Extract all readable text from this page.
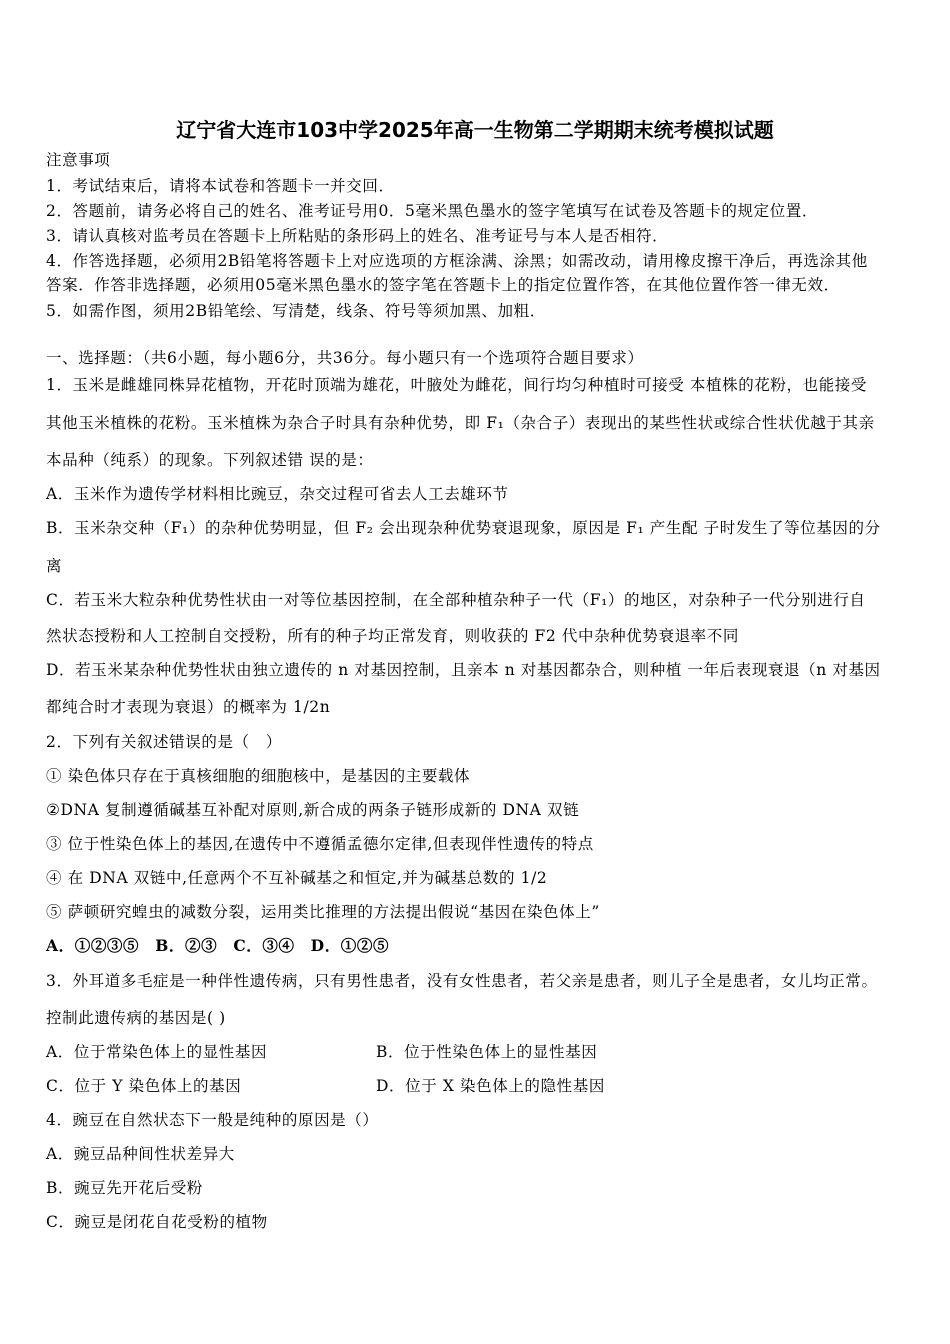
辽宁省大连市103中学2025年高一生物第二学期期末统考模拟试题
注意事项
1．考试结束后，请将本试卷和答题卡一并交回．
2．答题前，请务必将自己的姓名、准考证号用0．5毫米黑色墨水的签字笔填写在试卷及答题卡的规定位置．
3．请认真核对监考员在答题卡上所粘贴的条形码上的姓名、准考证号与本人是否相符．
4．作答选择题，必须用2B铅笔将答题卡上对应选项的方框涂满、涂黑；如需改动，请用橡皮擦干净后，再选涂其他
答案．作答非选择题，必须用05毫米黑色墨水的签字笔在答题卡上的指定位置作答，在其他位置作答一律无效．
5．如需作图，须用2B铅笔绘、写清楚，线条、符号等须加黑、加粗．
一、选择题：（共6小题，每小题6分，共36分。每小题只有一个选项符合题目要求）
1．玉米是雌雄同株异花植物，开花时顶端为雄花，叶腋处为雌花，间行均匀种植时可接受 本植株的花粉，也能接受
其他玉米植株的花粉。玉米植株为杂合子时具有杂种优势，即 F₁（杂合子）表现出的某些性状或综合性状优越于其亲
本品种（纯系）的现象。下列叙述错 误的是：
A．玉米作为遗传学材料相比豌豆，杂交过程可省去人工去雄环节
B．玉米杂交种（F₁）的杂种优势明显，但 F₂ 会出现杂种优势衰退现象，原因是 F₁ 产生配 子时发生了等位基因的分
离
C．若玉米大粒杂种优势性状由一对等位基因控制，在全部种植杂种子一代（F₁）的地区，对杂种子一代分别进行自
然状态授粉和人工控制自交授粉，所有的种子均正常发育，则收获的 F2 代中杂种优势衰退率不同
D．若玉米某杂种优势性状由独立遗传的 n 对基因控制，且亲本 n 对基因都杂合，则种植 一年后表现衰退（n 对基因
都纯合时才表现为衰退）的概率为 1/2n
2．下列有关叙述错误的是（　）
① 染色体只存在于真核细胞的细胞核中，是基因的主要载体
②DNA 复制遵循碱基互补配对原则,新合成的两条子链形成新的 DNA 双链
③ 位于性染色体上的基因,在遗传中不遵循孟德尔定律,但表现伴性遗传的特点
④ 在 DNA 双链中,任意两个不互补碱基之和恒定,并为碱基总数的 1/2
⑤ 萨顿研究蝗虫的减数分裂，运用类比推理的方法提出假说“基因在染色体上”
A．①②③⑤　B．②③　C．③④　D．①②⑤
3．外耳道多毛症是一种伴性遗传病，只有男性患者，没有女性患者，若父亲是患者，则儿子全是患者，女儿均正常。
控制此遗传病的基因是( )
A．位于常染色体上的显性基因	B．位于性染色体上的显性基因
C．位于 Y 染色体上的基因	D．位于 X 染色体上的隐性基因
4．豌豆在自然状态下一般是纯种的原因是（）
A．豌豆品种间性状差异大
B．豌豆先开花后受粉
C．豌豆是闭花自花受粉的植物
